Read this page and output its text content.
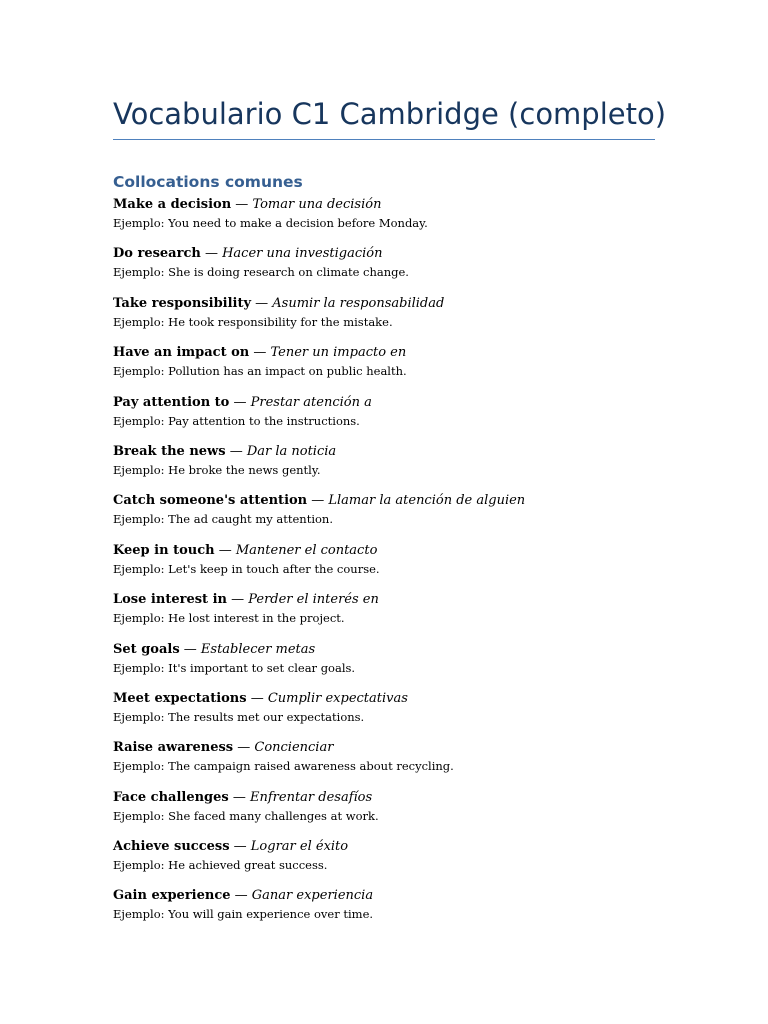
Vocabulario C1 Cambridge (completo)
Collocations comunes
Make a decision — Tomar una decisión
Ejemplo: You need to make a decision before Monday.
Do research — Hacer una investigación
Ejemplo: She is doing research on climate change.
Take responsibility — Asumir la responsabilidad
Ejemplo: He took responsibility for the mistake.
Have an impact on — Tener un impacto en
Ejemplo: Pollution has an impact on public health.
Pay attention to — Prestar atención a
Ejemplo: Pay attention to the instructions.
Break the news — Dar la noticia
Ejemplo: He broke the news gently.
Catch someone's attention — Llamar la atención de alguien
Ejemplo: The ad caught my attention.
Keep in touch — Mantener el contacto
Ejemplo: Let's keep in touch after the course.
Lose interest in — Perder el interés en
Ejemplo: He lost interest in the project.
Set goals — Establecer metas
Ejemplo: It's important to set clear goals.
Meet expectations — Cumplir expectativas
Ejemplo: The results met our expectations.
Raise awareness — Concienciar
Ejemplo: The campaign raised awareness about recycling.
Face challenges — Enfrentar desafíos
Ejemplo: She faced many challenges at work.
Achieve success — Lograr el éxito
Ejemplo: He achieved great success.
Gain experience — Ganar experiencia
Ejemplo: You will gain experience over time.
